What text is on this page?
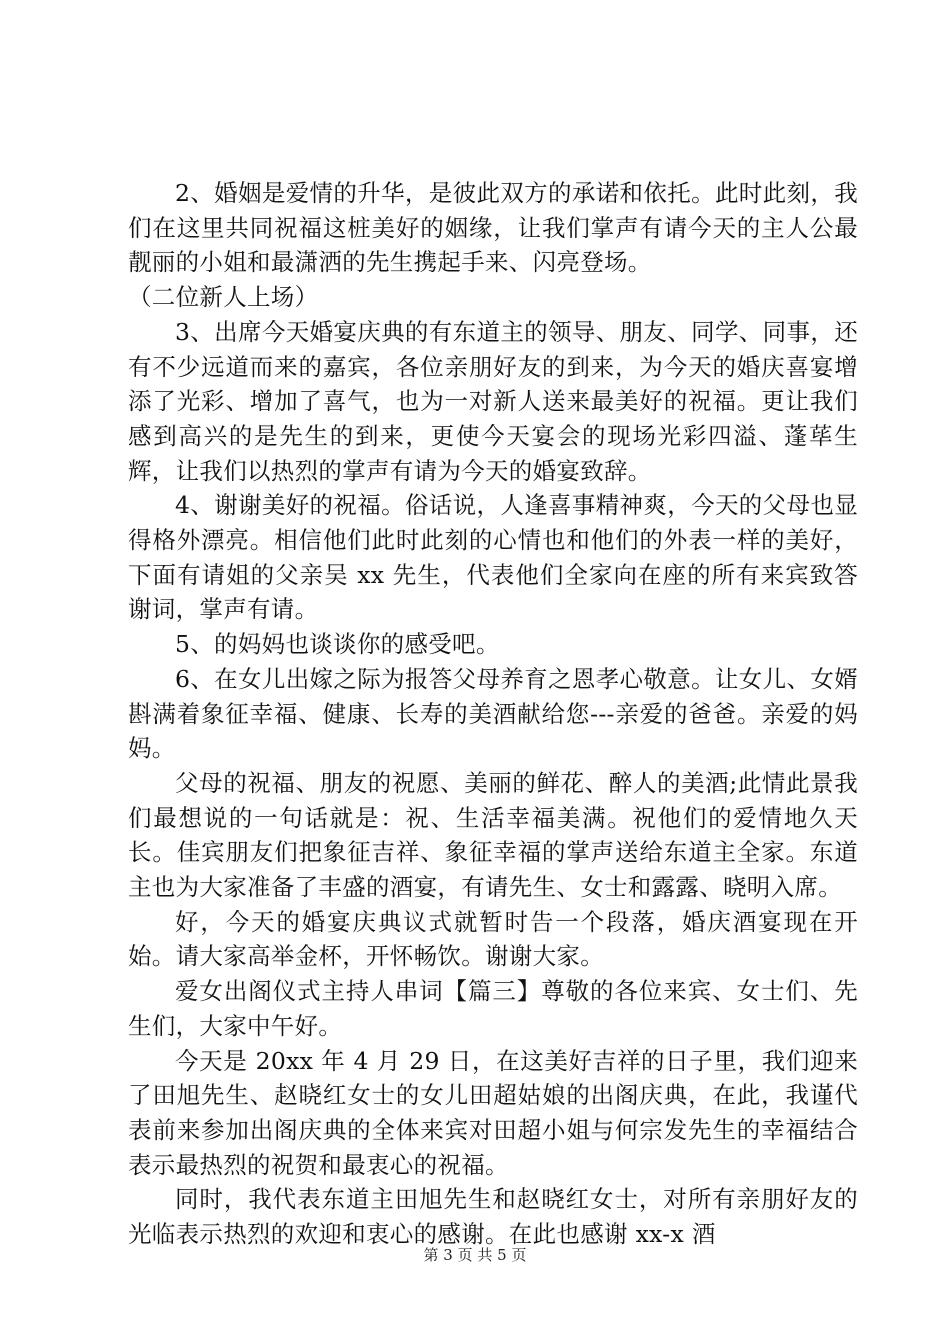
2、婚姻是爱情的升华，是彼此双方的承诺和依托。此时此刻，我们在这里共同祝福这桩美好的姻缘，让我们掌声有请今天的主人公最靓丽的小姐和最潇洒的先生携起手来、闪亮登场。

（二位新人上场）

3、出席今天婚宴庆典的有东道主的领导、朋友、同学、同事，还有不少远道而来的嘉宾，各位亲朋好友的到来，为今天的婚庆喜宴增添了光彩、增加了喜气，也为一对新人送来最美好的祝福。更让我们感到高兴的是先生的到来，更使今天宴会的现场光彩四溢、蓬荜生辉，让我们以热烈的掌声有请为今天的婚宴致辞。

4、谢谢美好的祝福。俗话说，人逢喜事精神爽，今天的父母也显得格外漂亮。相信他们此时此刻的心情也和他们的外表一样的美好，下面有请姐的父亲吴 xx 先生，代表他们全家向在座的所有来宾致答谢词，掌声有请。

5、的妈妈也谈谈你的感受吧。

6、在女儿出嫁之际为报答父母养育之恩孝心敬意。让女儿、女婿斟满着象征幸福、健康、长寿的美酒献给您---亲爱的爸爸。亲爱的妈妈。

父母的祝福、朋友的祝愿、美丽的鲜花、醉人的美酒;此情此景我们最想说的一句话就是：祝、生活幸福美满。祝他们的爱情地久天长。佳宾朋友们把象征吉祥、象征幸福的掌声送给东道主全家。东道主也为大家准备了丰盛的酒宴，有请先生、女士和露露、晓明入席。

好，今天的婚宴庆典议式就暂时告一个段落，婚庆酒宴现在开始。请大家高举金杯，开怀畅饮。谢谢大家。

爱女出阁仪式主持人串词【篇三】尊敬的各位来宾、女士们、先生们，大家中午好。

今天是 20xx 年 4 月 29 日，在这美好吉祥的日子里，我们迎来了田旭先生、赵晓红女士的女儿田超姑娘的出阁庆典，在此，我谨代表前来参加出阁庆典的全体来宾对田超小姐与何宗发先生的幸福结合表示最热烈的祝贺和最衷心的祝福。

同时，我代表东道主田旭先生和赵晓红女士，对所有亲朋好友的光临表示热烈的欢迎和衷心的感谢。在此也感谢 xx-x 酒

第 3 页 共 5 页
